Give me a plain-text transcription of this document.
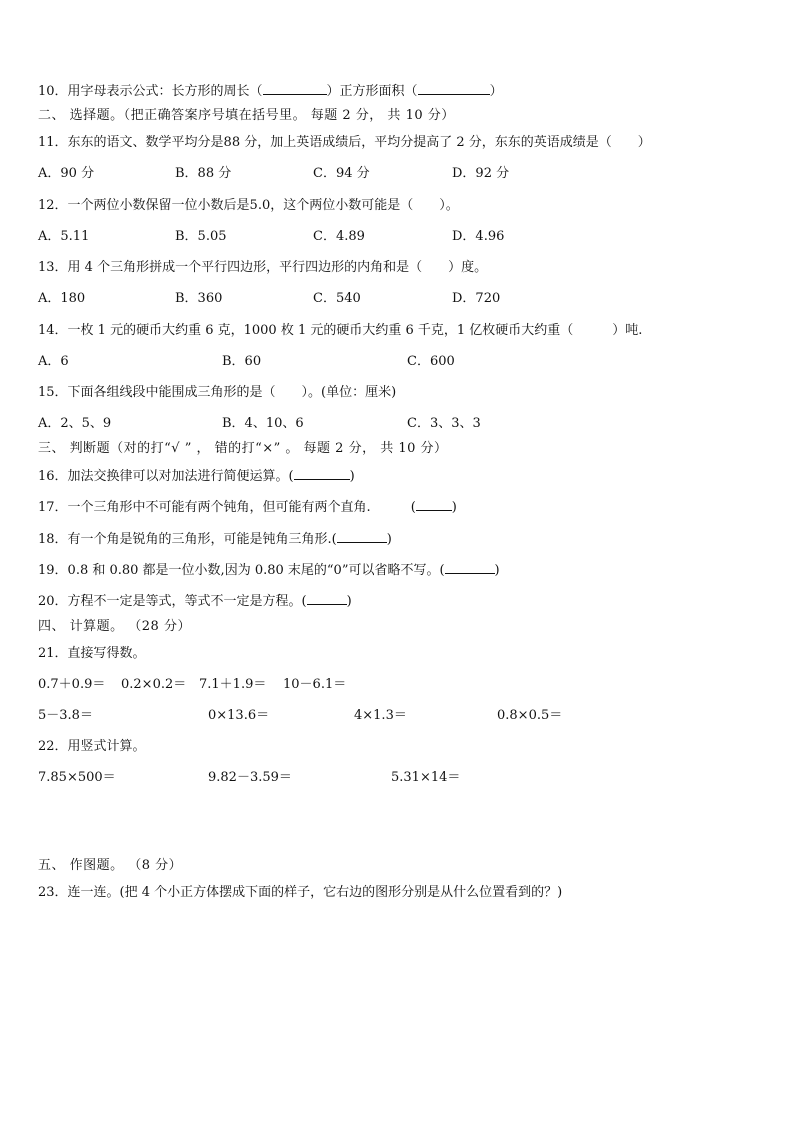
10．用字母表示公式：长方形的周长（	）正方形面积（	）
二、 选择题。（把正确答案序号填在括号里。 每题 2 分， 共 10 分）
11．东东的语文、数学平均分是88 分，加上英语成绩后，平均分提高了 2 分，东东的英语成绩是（　　）
A．90 分	B．88 分	C．94 分	D．92 分
12．一个两位小数保留一位小数后是5.0，这个两位小数可能是（　　）。
A．5.11	B．5.05	C．4.89	D．4.96
13．用 4 个三角形拼成一个平行四边形，平行四边形的内角和是（　　）度。
A．180	B．360	C．540	D．720
14．一枚 1 元的硬币大约重 6 克，1000 枚 1 元的硬币大约重 6 千克，1 亿枚硬币大约重（　　　）吨.
A．6	B．60	C．600
15．下面各组线段中能围成三角形的是（　　）。(单位：厘米)
A．2、5、9	B．4、10、6	C．3、3、3
三、 判断题（对的打“√ ” ， 错的打“×” 。 每题 2 分， 共 10 分）
16．加法交换律可以对加法进行简便运算。(	)
17．一个三角形中不可能有两个钝角，但可能有两个直角.	(	)
18．有一个角是锐角的三角形，可能是钝角三角形.(	)
19．0.8 和 0.80 都是一位小数,因为 0.80 末尾的“0”可以省略不写。(	)
20．方程不一定是等式，等式不一定是方程。(	)
四、 计算题。 （28 分）
21．直接写得数。
0.7＋0.9＝ 0.2×0.2＝ 7.1＋1.9＝ 10－6.1＝
5－3.8＝	0×13.6＝	4×1.3＝	0.8×0.5＝
22．用竖式计算。
7.85×500＝	9.82－3.59＝	5.31×14＝
五、 作图题。 （8 分）
23．连一连。(把 4 个小正方体摆成下面的样子，它右边的图形分别是从什么位置看到的？)
